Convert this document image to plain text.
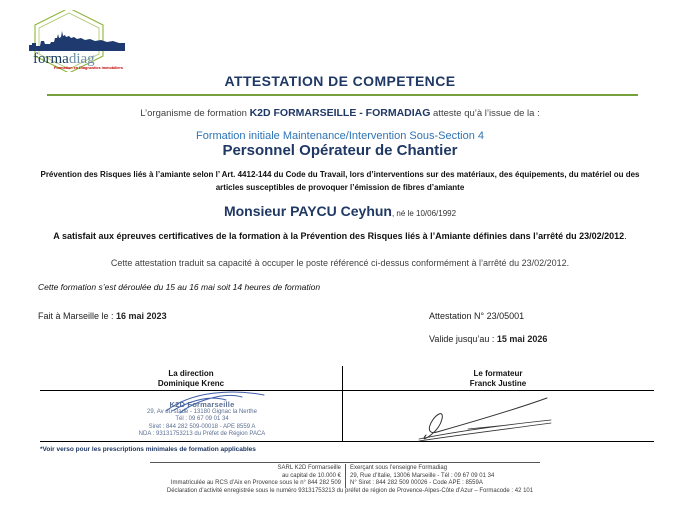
formadiag
Formation en Diagnostics Immobiliers
ATTESTATION DE COMPETENCE
L’organisme de formation K2D FORMARSEILLE - FORMADIAG atteste qu’à l’issue de la :
Formation initiale Maintenance/Intervention Sous-Section 4
Personnel Opérateur de Chantier
Prévention des Risques liés à l’amiante selon l’ Art. 4412-144 du Code du Travail, lors d’interventions sur des matériaux, des équipements, du matériel ou des articles susceptibles de provoquer l’émission de fibres d’amiante
Monsieur PAYCU Ceyhun, né le 10/06/1992
A satisfait aux épreuves certificatives de la formation à la Prévention des Risques liés à l’Amiante définies dans l’arrêté du 23/02/2012.
Cette attestation traduit sa capacité à occuper le poste référencé ci-dessus conformément à l’arrêté du 23/02/2012.
Cette formation s’est déroulée du 15 au 16 mai soit 14 heures de formation
Fait à Marseille le : 16 mai 2023	Attestation N° 23/05001
Valide jusqu’au : 15 mai 2026
La direction
Dominique Krenc
Le formateur
Franck Justine
K2D Formarseille
29, Av du stade - 13180 Gignac la Nerthe
Tél : 09 67 09 01 34
Siret : 844 282 509-00018 - APE 8559 A
NDA : 93131753213 du Préfet de Région PACA
*Voir verso pour les prescriptions minimales de formation applicables
SARL K2D Formarseille
au capital de 10.000 €
Immatriculée au RCS d’Aix en Provence sous le n° 844 282 509
Exerçant sous l’enseigne Formadiag
29, Rue d’Italie, 13006 Marseille - Tél : 09 67 09 01 34
N° Siret : 844 282 509 00026 - Code APE : 8559A
Déclaration d’activité enregistrée sous le numéro 93131753213 du préfet de région de Provence-Alpes-Côte d’Azur – Formacode : 42 101
